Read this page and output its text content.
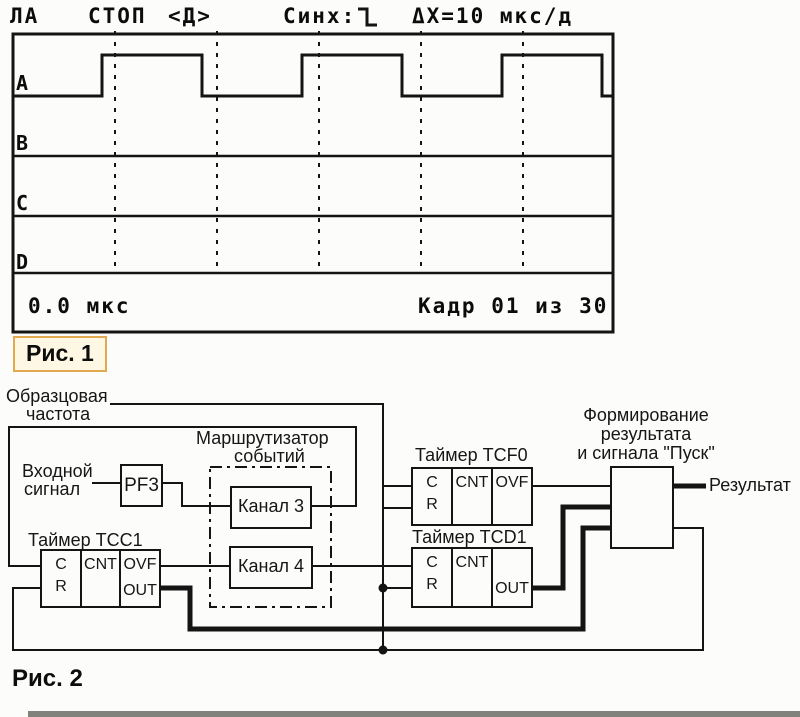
ЛА СТОП <Д>	Синх:	ΔX=10 мкс/д
A
B
C
D
0.0 мкс	Кадр 01 из 30
Рис. 1
Образцовая
частота
Входной
сигнал PF3
Маршрутизатор
событий
Канал 3
Канал 4
Таймер TCC1
C
R
CNT OVF
OUT
Таймер TCF0
C
R
CNT OVF
Таймер TCD1
C
R
CNT
OUT
Формирование
результата
и сигнала "Пуск"
Результат
Рис. 2
